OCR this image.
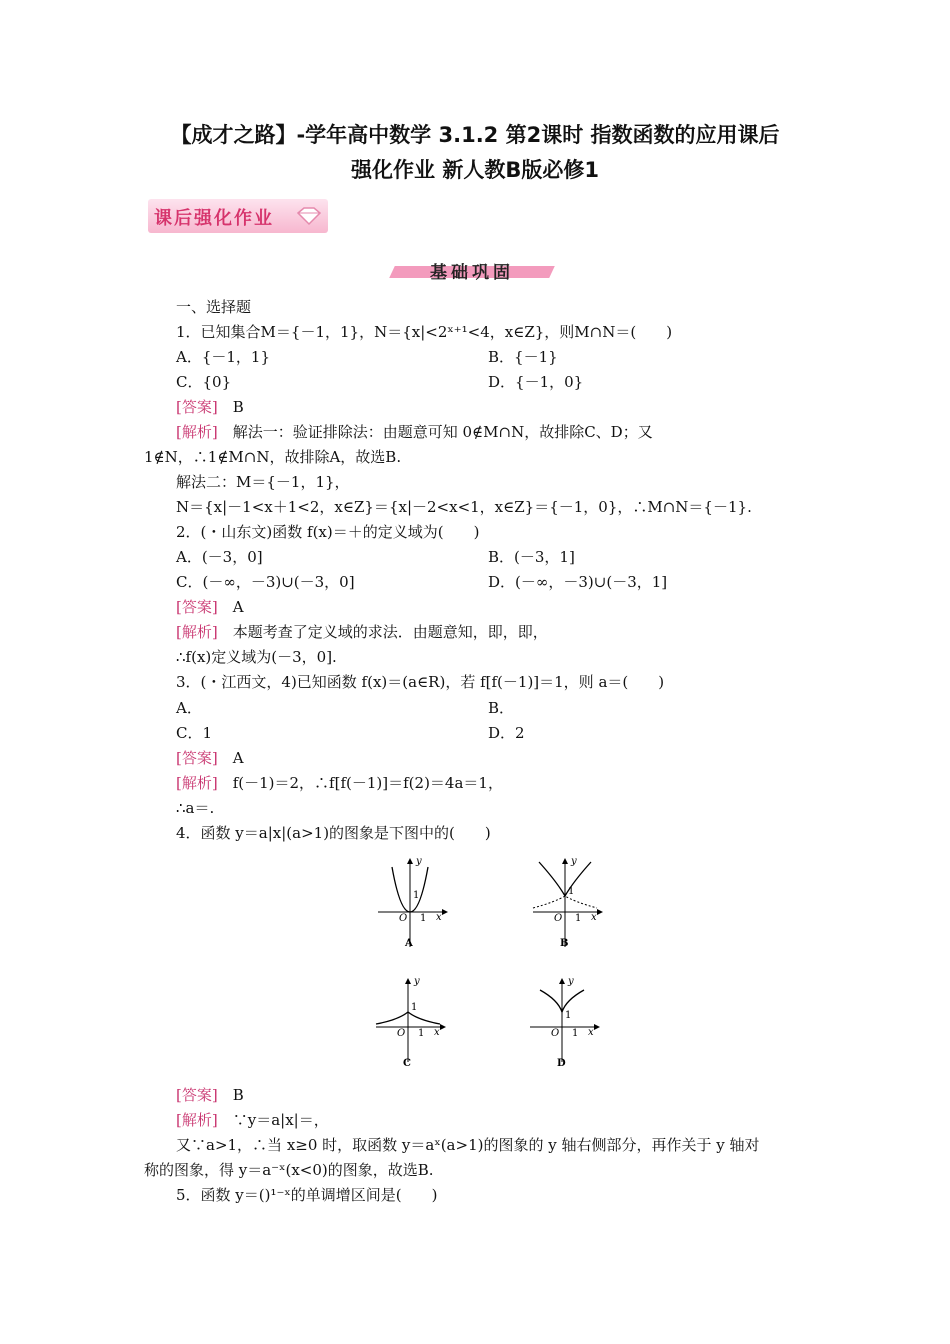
【成才之路】-学年高中数学 3.1.2 第2课时 指数函数的应用课后
强化作业 新人教B版必修1
课后强化作业
基础巩固
一、选择题
1．已知集合M＝{－1，1}，N＝{x|<2ˣ⁺¹<4，x∈Z}，则M∩N＝(　　)
A．{－1，1}	B．{－1}
C．{0}	D．{－1，0}
[答案]　B
[解析]　解法一：验证排除法：由题意可知 0∉M∩N，故排除C、D；又
1∉N，∴1∉M∩N，故排除A，故选B.
解法二：M＝{－1，1}，
N＝{x|－1<x＋1<2，x∈Z}＝{x|－2<x<1，x∈Z}＝{－1，0}，∴M∩N＝{－1}.
2．(・山东文)函数 f(x)＝＋的定义域为(　　)
A．(－3，0]	B．(－3，1]
C．(－∞，－3)∪(－3，0]	D．(－∞，－3)∪(－3，1]
[答案]　A
[解析]　本题考查了定义域的求法．由题意知，即，即，
∴f(x)定义域为(－3，0].
3．(・江西文，4)已知函数 f(x)＝(a∈R)，若 f[f(－1)]＝1，则 a＝(　　)
A．	B．
C．1	D．2
[答案]　A
[解析]　f(－1)＝2，∴f[f(－1)]＝f(2)＝4a＝1，
∴a＝.
4．函数 y＝a|x|(a>1)的图象是下图中的(　　)
y
x
O 1
1
A
y
x
O 1
1
B
y
x
O 1
1
C
y
x
O 1
1
D
[答案]　B
[解析]　∵y＝a|x|＝，
又∵a>1，∴当 x≥0 时，取函数 y＝aˣ(a>1)的图象的 y 轴右侧部分，再作关于 y 轴对
称的图象，得 y＝a⁻ˣ(x<0)的图象，故选B.
5．函数 y＝()¹⁻ˣ的单调增区间是(　　)
